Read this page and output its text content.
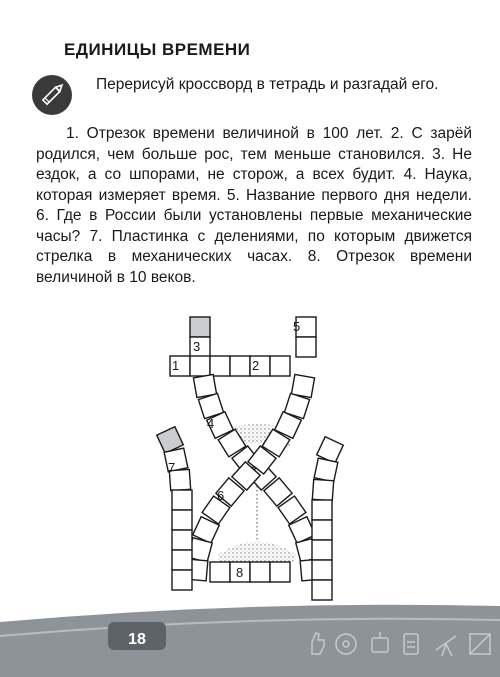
ЕДИНИЦЫ ВРЕМЕНИ

Перерисуй кроссворд в тетрадь и разгадай его.

1. Отрезок времени величиной в 100 лет. 2. С зарёй родился, чем больше рос, тем меньше становился. 3. Не ездок, а со шпорами, не сторож, а всех будит. 4. Наука, которая измеряет время. 5. Название первого дня недели. 6. Где в России были установлены первые механические часы? 7. Пластинка с делениями, по которым движется стрелка в механических часах. 8. Отрезок времени величиной в 10 веков.

1	2
3
4
5
6
7
8
18
